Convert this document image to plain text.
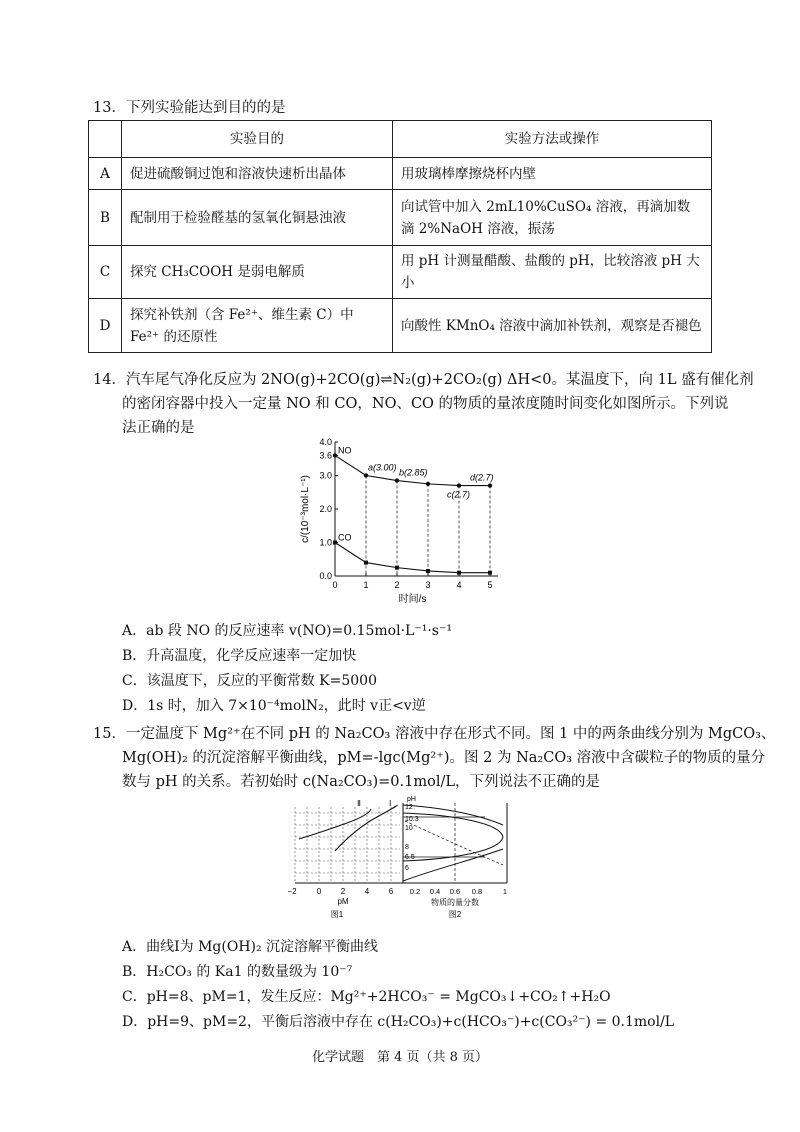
13．下列实验能达到目的的是
	实验目的	实验方法或操作
A	促进硫酸铜过饱和溶液快速析出晶体	用玻璃棒摩擦烧杯内壁
B	配制用于检验醛基的氢氧化铜悬浊液	向试管中加入 2mL10%CuSO₄ 溶液，再滴加数滴 2%NaOH 溶液，振荡
C	探究 CH₃COOH 是弱电解质	用 pH 计测量醋酸、盐酸的 pH，比较溶液 pH 大小
D	探究补铁剂（含 Fe²⁺、维生素 C）中 Fe²⁺ 的还原性	向酸性 KMnO₄ 溶液中滴加补铁剂，观察是否褪色
14．汽车尾气净化反应为 2NO(g)+2CO(g)⇌N₂(g)+2CO₂(g) ΔH<0。某温度下，向 1L 盛有催化剂
的密闭容器中投入一定量 NO 和 CO，NO、CO 的物质的量浓度随时间变化如图所示。下列说
法正确的是
0	1	2	3	4	5
0.0
1.0
2.0
3.0
3.6
4.0
时间/s
c/(10⁻³mol·L⁻¹)
NO
CO
a(3.00)
b(2.85)
c(2.7)
d(2.7)
A．ab 段 NO 的反应速率 v(NO)=0.15mol·L⁻¹·s⁻¹
B．升高温度，化学反应速率一定加快
C．该温度下，反应的平衡常数 K=5000
D．1s 时，加入 7×10⁻⁴molN₂，此时 v正<v逆
15．一定温度下 Mg²⁺在不同 pH 的 Na₂CO₃ 溶液中存在形式不同。图 1 中的两条曲线分别为 MgCO₃、
Mg(OH)₂ 的沉淀溶解平衡曲线，pM=-lgc(Mg²⁺)。图 2 为 Na₂CO₃ 溶液中含碳粒子的物质的量分
数与 pH 的关系。若初始时 c(Na₂CO₃)=0.1mol/L，下列说法不正确的是
Ⅱ	Ⅰ
−2	0 2 4 6
pM
图1
pH
12
10.3
10
8
6.5
6
0.2 0.4 0.6 0.8	1
物质的量分数
图2
A．曲线Ⅰ为 Mg(OH)₂ 沉淀溶解平衡曲线
B．H₂CO₃ 的 Ka1 的数量级为 10⁻⁷
C．pH=8、pM=1，发生反应：Mg²⁺+2HCO₃⁻ = MgCO₃↓+CO₂↑+H₂O
D．pH=9、pM=2，平衡后溶液中存在 c(H₂CO₃)+c(HCO₃⁻)+c(CO₃²⁻) = 0.1mol/L
化学试题　第 4 页（共 8 页）
